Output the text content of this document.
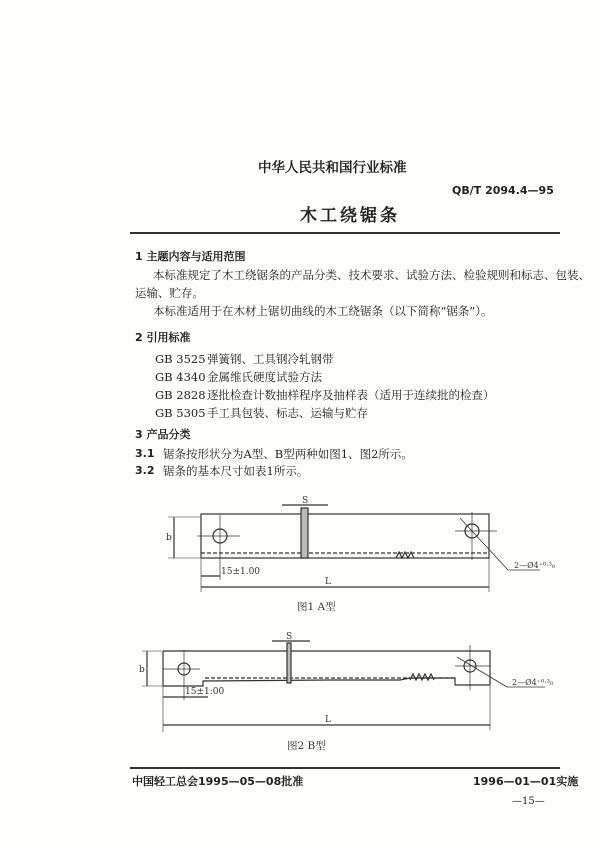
中华人民共和国行业标准
QB/T 2094.4—95
木工绕锯条
1 主题内容与适用范围
本标准规定了木工绕锯条的产品分类、技术要求、试验方法、检验规则和标志、包装、
运输、贮存。
本标准适用于在木材上锯切曲线的木工绕锯条（以下简称“锯条”）。
2 引用标准
GB 3525 弹簧钢、工具钢冷轧钢带
GB 4340 金属维氏硬度试验方法
GB 2828 逐批检查计数抽样程序及抽样表（适用于连续批的检查）
GB 5305 手工具包装、标志、运输与贮存
3 产品分类
3.1 锯条按形状分为A型、B型两种如图1、图2所示。
3.2 锯条的基本尺寸如表1所示。
S
b
15±1.00
L
2—Ø4⁺⁰·³₀
图1 A型
S
b
15±1:00
L
2—Ø4⁺⁰·³₀
图2 B型
中国轻工总会1995—05—08批准	1996—01—01实施
—15—
